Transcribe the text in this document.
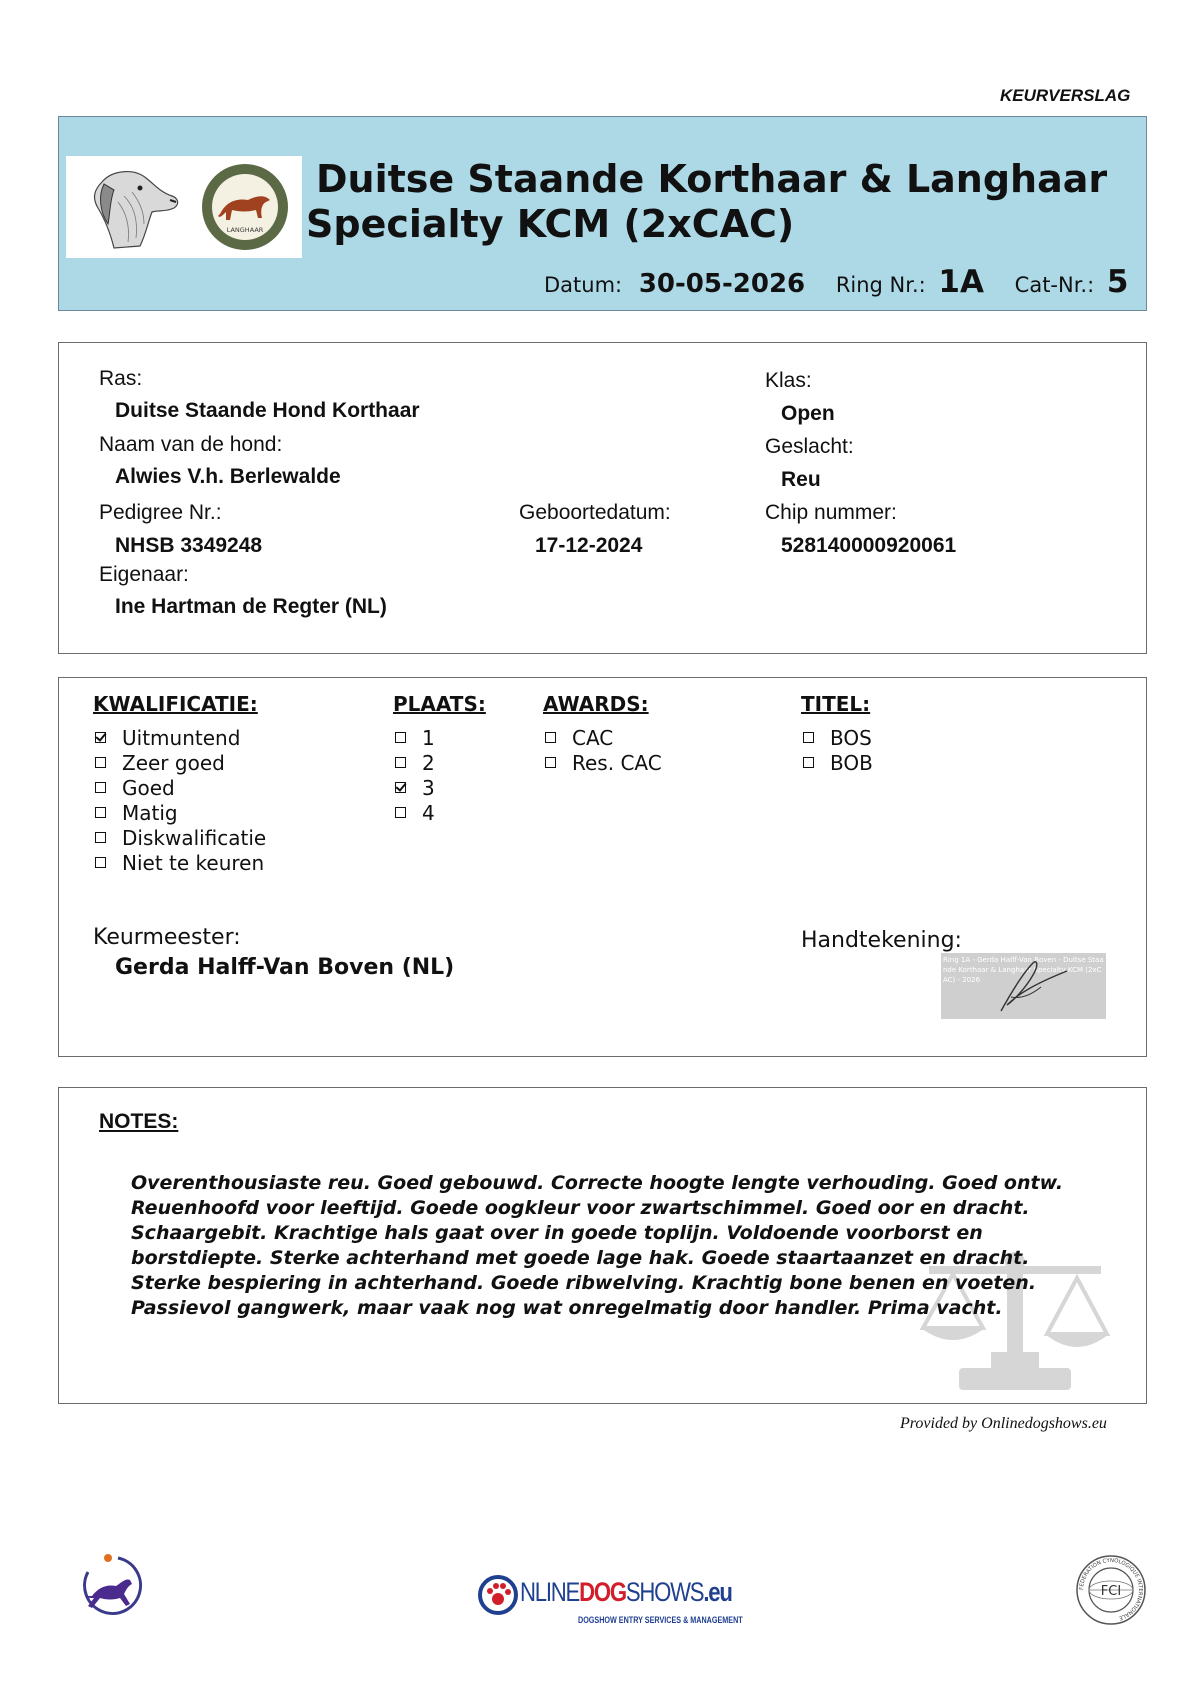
KEURVERSLAG
LANGHAAR
Duitse Staande Korthaar & Langhaar
Specialty KCM (2xCAC)
Datum: 30-05-2026 Ring Nr.: 1A Cat-Nr.: 5
Ras:
Duitse Staande Hond Korthaar
Naam van de hond:
Alwies V.h. Berlewalde
Pedigree Nr.:
NHSB 3349248
Eigenaar:
Ine Hartman de Regter (NL)
Geboortedatum:
17-12-2024
Klas:
Open
Geslacht:
Reu
Chip nummer:
528140000920061
KWALIFICATIE:
Uitmuntend
Zeer goed
Goed
Matig
Diskwalificatie
Niet te keuren
PLAATS:
1
2
3
4
AWARDS:
CAC
Res. CAC
TITEL:
BOS
BOB
Keurmeester:
Gerda Halff-Van Boven (NL)
Handtekening:
Ring 1A - Gerda Halff-Van Boven - Duitse Staande Korthaar & Langhaar Specialty KCM (2xCAC) - 2026
NOTES:
Overenthousiaste reu. Goed gebouwd. Correcte hoogte lengte verhouding. Goed ontw.
Reuenhoofd voor leeftijd. Goede oogkleur voor zwartschimmel. Goed oor en dracht.
Schaargebit. Krachtige hals gaat over in goede toplijn. Voldoende voorborst en
borstdiepte. Sterke achterhand met goede lage hak. Goede staartaanzet en dracht.
Sterke bespiering in achterhand. Goede ribwelving. Krachtig bone benen en voeten.
Passievol gangwerk, maar vaak nog wat onregelmatig door handler. Prima vacht.
Provided by Onlinedogshows.eu
NLINEDOGSHOWS.eu
DOGSHOW ENTRY SERVICES & MANAGEMENT
FEDERATION CYNOLOGIQUE INTERNATIONALE
FCI
